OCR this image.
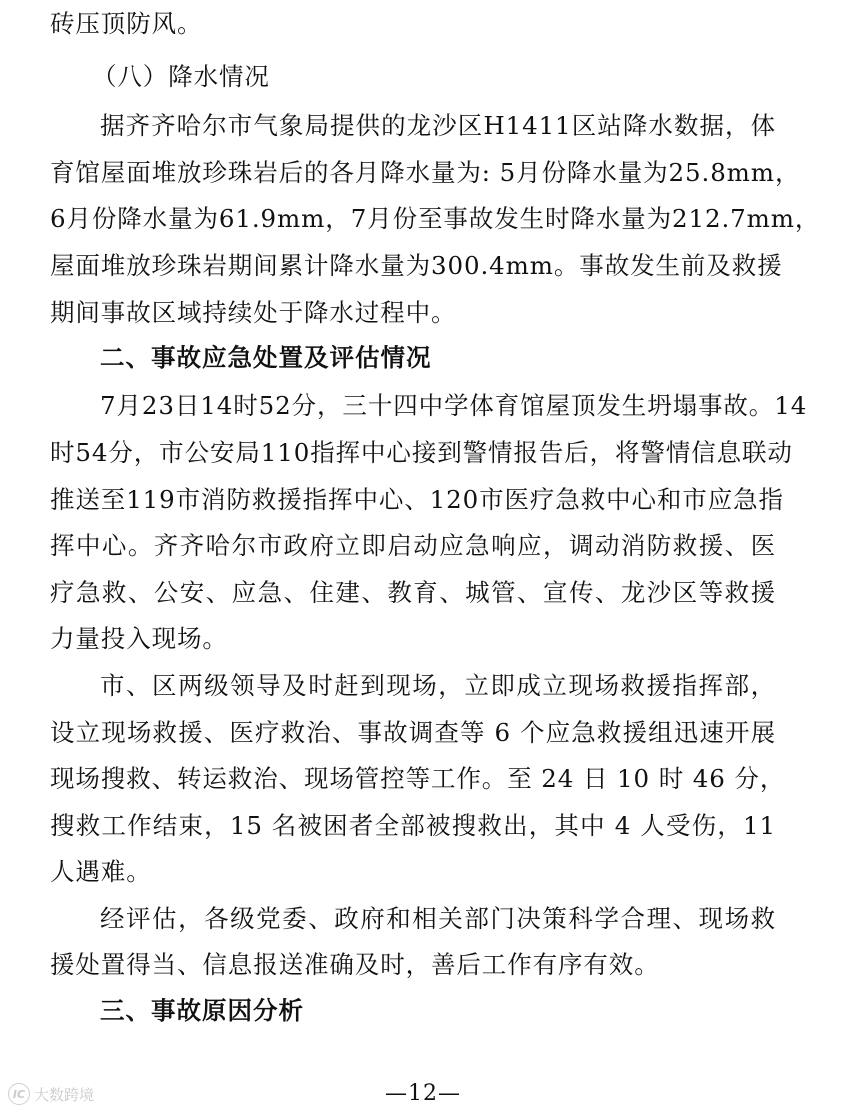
砖压顶防风。
（八）降水情况
据齐齐哈尔市气象局提供的龙沙区H1411区站降水数据，体
育馆屋面堆放珍珠岩后的各月降水量为: 5月份降水量为25.8mm，
6月份降水量为61.9mm，7月份至事故发生时降水量为212.7mm，
屋面堆放珍珠岩期间累计降水量为300.4mm。事故发生前及救援
期间事故区域持续处于降水过程中。
二、事故应急处置及评估情况
7月23日14时52分，三十四中学体育馆屋顶发生坍塌事故。14
时54分，市公安局110指挥中心接到警情报告后，将警情信息联动
推送至119市消防救援指挥中心、120市医疗急救中心和市应急指
挥中心。齐齐哈尔市政府立即启动应急响应，调动消防救援、医
疗急救、公安、应急、住建、教育、城管、宣传、龙沙区等救援
力量投入现场。
市、区两级领导及时赶到现场，立即成立现场救援指挥部，
设立现场救援、医疗救治、事故调查等 6 个应急救援组迅速开展
现场搜救、转运救治、现场管控等工作。至 24 日 10 时 46 分，
搜救工作结束，15 名被困者全部被搜救出，其中 4 人受伤，11
人遇难。
经评估，各级党委、政府和相关部门决策科学合理、现场救
援处置得当、信息报送准确及时，善后工作有序有效。
三、事故原因分析
—12—
IC 大数跨境
